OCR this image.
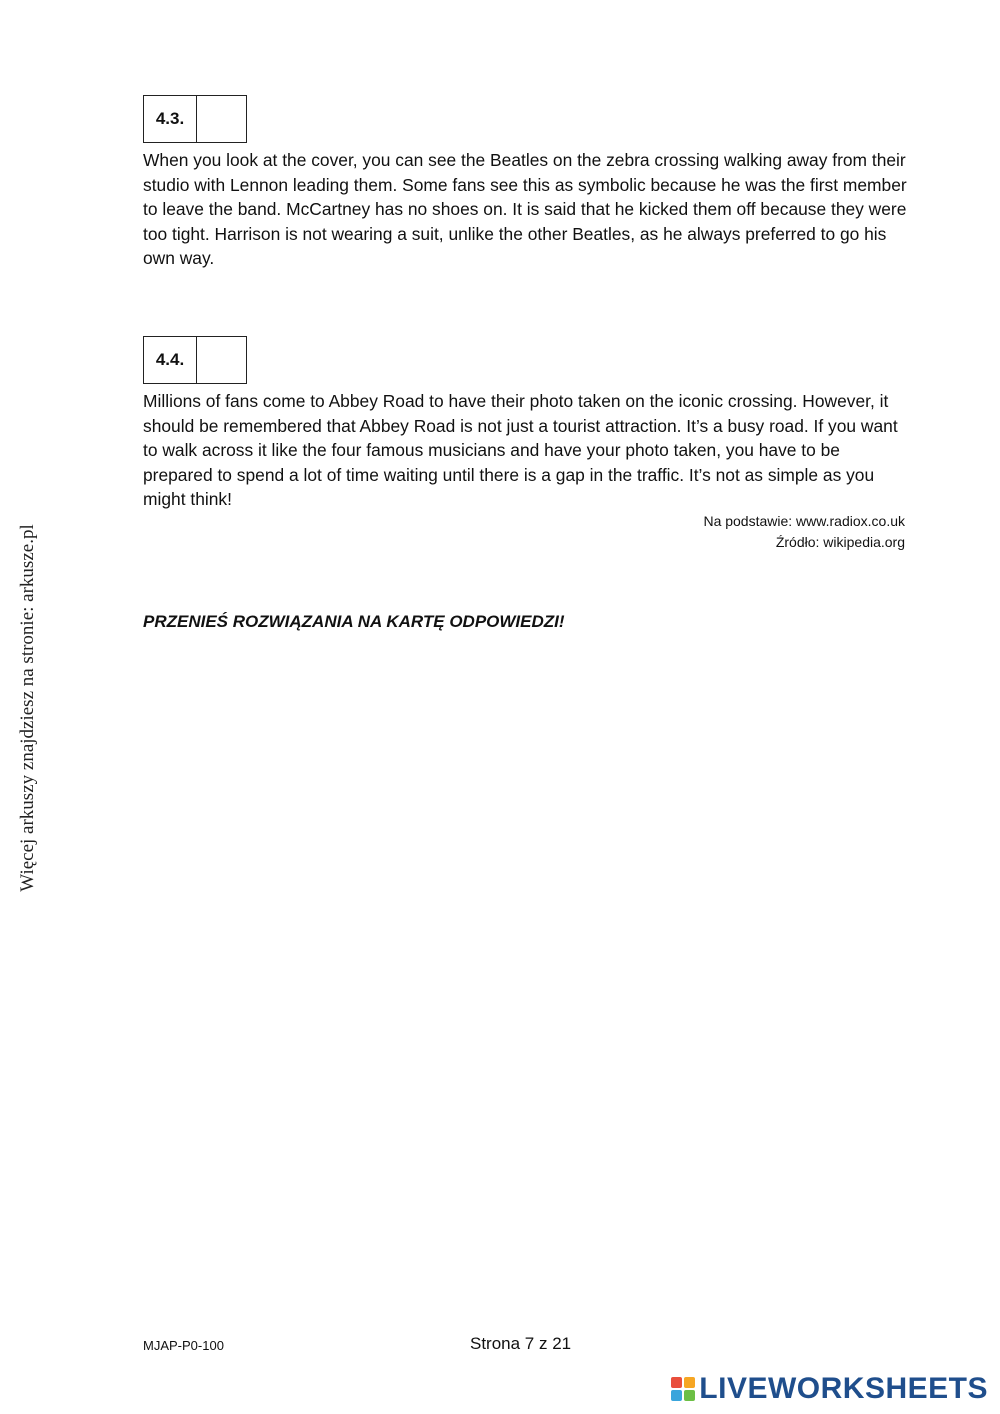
4.3.

When you look at the cover, you can see the Beatles on the zebra crossing walking away from their studio with Lennon leading them. Some fans see this as symbolic because he was the first member to leave the band. McCartney has no shoes on. It is said that he kicked them off because they were too tight. Harrison is not wearing a suit, unlike the other Beatles, as he always preferred to go his own way.

4.4.

Millions of fans come to Abbey Road to have their photo taken on the iconic crossing. However, it should be remembered that Abbey Road is not just a tourist attraction. It’s a busy road. If you want to walk across it like the four famous musicians and have your photo taken, you have to be prepared to spend a lot of time waiting until there is a gap in the traffic. It’s not as simple as you might think!

Na podstawie: www.radiox.co.uk
Źródło: wikipedia.org
PRZENIEŚ ROZWIĄZANIA NA KARTĘ ODPOWIEDZI!
Więcej arkuszy znajdziesz na stronie: arkusze.pl
MJAP-P0-100	Strona 7 z 21
LIVEWORKSHEETS
